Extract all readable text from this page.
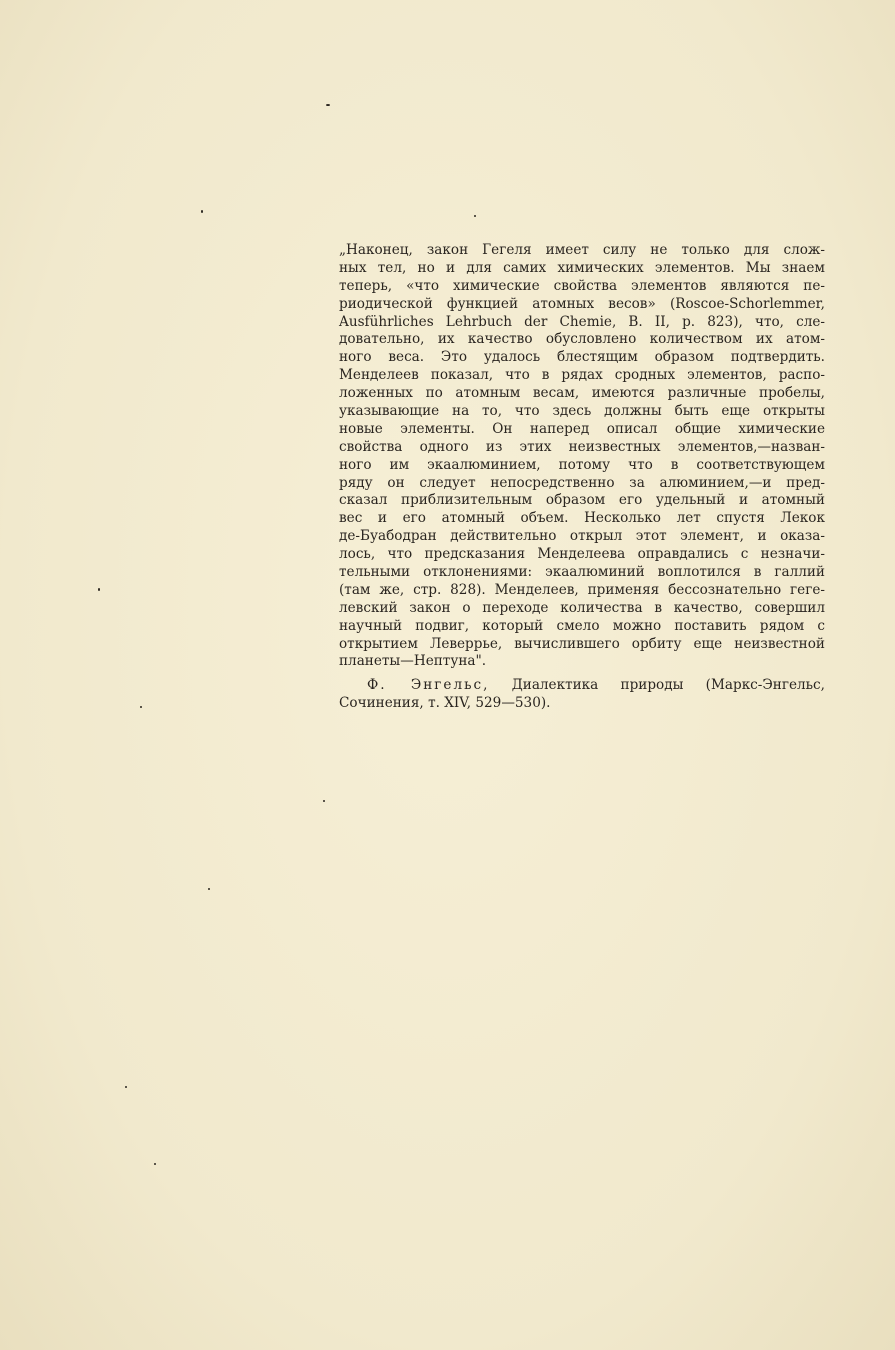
„Наконец, закон Гегеля имеет силу не только для слож-
ных тел, но и для самих химических элементов. Мы знаем
теперь, «что химические свойства элементов являются пе-
риодической функцией атомных весов» (Roscoe-Schorlemmer,
Ausführliches Lehrbuch der Chemie, B. II, p. 823), что, сле-
довательно, их качество обусловлено количеством их атом-
ного веса. Это удалось блестящим образом подтвердить.
Менделеев показал, что в рядах сродных элементов, распо-
ложенных по атомным весам, имеются различные пробелы,
указывающие на то, что здесь должны быть еще открыты
новые элементы. Он наперед описал общие химические
свойства одного из этих неизвестных элементов,—назван-
ного им экаалюминием, потому что в соответствующем
ряду он следует непосредственно за алюминием,—и пред-
сказал приблизительным образом его удельный и атомный
вес и его атомный объем. Несколько лет спустя Лекок
де-Буабодран действительно открыл этот элемент, и оказа-
лось, что предсказания Менделеева оправдались с незначи-
тельными отклонениями: экаалюминий воплотился в галлий
(там же, стр. 828). Менделеев, применяя бессознательно геге-
левский закон о переходе количества в качество, совершил
научный подвиг, который смело можно поставить рядом с
открытием Леверрье, вычислившего орбиту еще неизвестной
планеты—Нептуна".
Ф. Энгельс, Диалектика природы (Маркс-Энгельс,
Сочинения, т. XIV, 529—530).
